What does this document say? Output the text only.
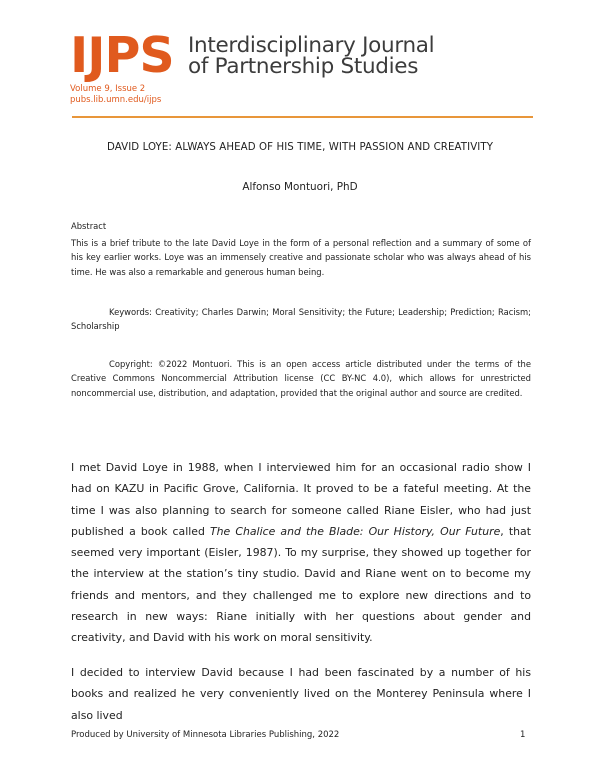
IJPS Interdisciplinary Journal
of Partnership Studies
Volume 9, Issue 2
pubs.lib.umn.edu/ijps
DAVID LOYE: ALWAYS AHEAD OF HIS TIME, WITH PASSION AND CREATIVITY
Alfonso Montuori, PhD
Abstract
This is a brief tribute to the late David Loye in the form of a personal reflection and a summary of some of his key earlier works. Loye was an immensely creative and passionate scholar who was always ahead of his time. He was also a remarkable and generous human being.
Keywords: Creativity; Charles Darwin; Moral Sensitivity; the Future; Leadership; Prediction; Racism; Scholarship
Copyright: ©2022 Montuori. This is an open access article distributed under the terms of the Creative Commons Noncommercial Attribution license (CC BY-NC 4.0), which allows for unrestricted noncommercial use, distribution, and adaptation, provided that the original author and source are credited.
I met David Loye in 1988, when I interviewed him for an occasional radio show I had on KAZU in Pacific Grove, California. It proved to be a fateful meeting. At the time I was also planning to search for someone called Riane Eisler, who had just published a book called The Chalice and the Blade: Our History, Our Future, that seemed very important (Eisler, 1987). To my surprise, they showed up together for the interview at the station’s tiny studio. David and Riane went on to become my friends and mentors, and they challenged me to explore new directions and to research in new ways: Riane initially with her questions about gender and creativity, and David with his work on moral sensitivity.
I decided to interview David because I had been fascinated by a number of his books and realized he very conveniently lived on the Monterey Peninsula where I also lived
Produced by University of Minnesota Libraries Publishing, 2022	1
